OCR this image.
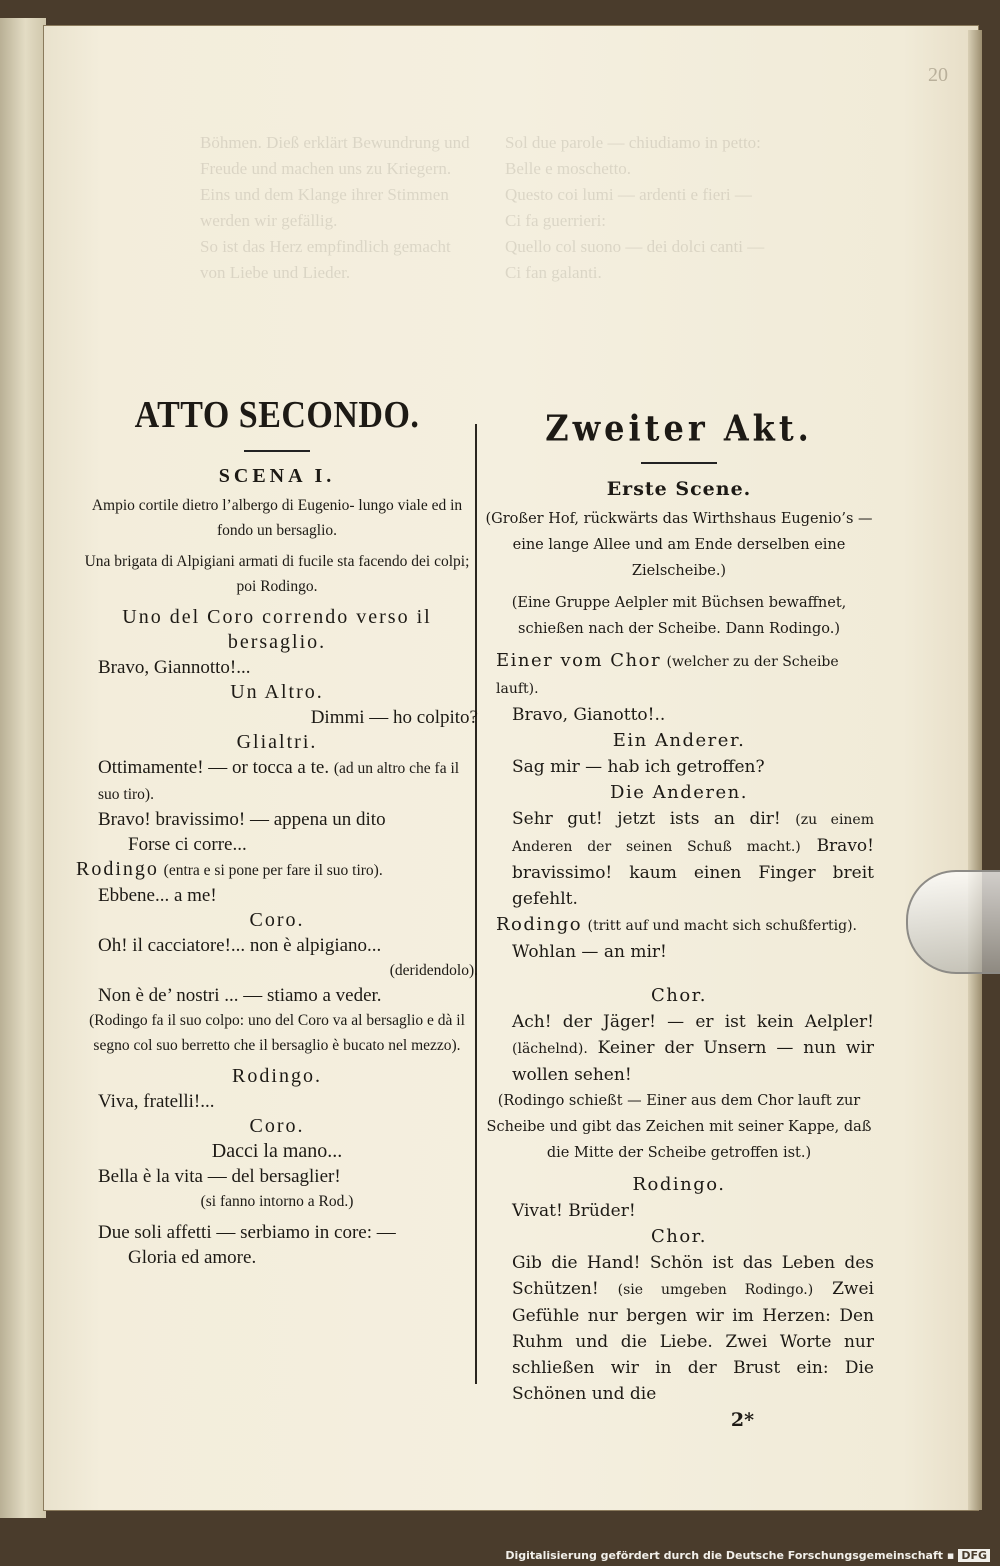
20
Böhmen. Dieß erklärt Bewundrung und Freude und machen uns zu Kriegern.
Eins und dem Klange ihrer Stimmen werden wir gefällig.
So ist das Herz empfindlich gemacht von Liebe und Lieder.
Sol due parole — chiudiamo in petto:
Belle e moschetto.
Questo coi lumi — ardenti e fieri —
Ci fa guerrieri:
Quello col suono — dei dolci canti —
Ci fan galanti.
ATTO SECONDO.
SCENA I.
Ampio cortile dietro l’albergo di Eugenio- lungo viale ed in fondo un bersaglio.
Una brigata di Alpigiani armati di fucile sta facendo dei colpi; poi Rodingo.
Uno del Coro correndo verso il bersaglio.
Bravo, Giannotto!...
Un Altro.
Dimmi — ho colpito?
Glialtri.
Ottimamente! — or tocca a te. (ad un altro che fa il suo tiro).
Bravo! bravissimo! — appena un dito
Forse ci corre...
Rodingo (entra e si pone per fare il suo tiro).
Ebbene... a me!
Coro.
Oh! il cacciatore!... non è alpigiano...
(deridendolo).
Non è de’ nostri ... — stiamo a veder.
(Rodingo fa il suo colpo: uno del Coro va al bersaglio e dà il segno col suo berretto che il bersaglio è bucato nel mezzo).
Rodingo.
Viva, fratelli!...
Coro.
Dacci la mano...
Bella è la vita — del bersaglier!
(si fanno intorno a Rod.)
Due soli affetti — serbiamo in core: —
Gloria ed amore.
Zweiter Akt.
Erste Scene.
(Großer Hof, rückwärts das Wirthshaus Eugenio’s — eine lange Allee und am Ende derselben eine Zielscheibe.)
(Eine Gruppe Aelpler mit Büchsen bewaffnet, schießen nach der Scheibe. Dann Rodingo.)
Einer vom Chor (welcher zu der Scheibe lauft).
Bravo, Gianotto!..
Ein Anderer.
Sag mir — hab ich getroffen?
Die Anderen.
Sehr gut! jetzt ists an dir! (zu einem Anderen der seinen Schuß macht.) Bravo! bravissimo! kaum einen Finger breit gefehlt.
Rodingo (tritt auf und macht sich schußfertig).
Wohlan — an mir!
Chor.
Ach! der Jäger! — er ist kein Aelpler! (lächelnd). Keiner der Unsern — nun wir wollen sehen!
(Rodingo schießt — Einer aus dem Chor lauft zur Scheibe und gibt das Zeichen mit seiner Kappe, daß die Mitte der Scheibe getroffen ist.)
Rodingo.
Vivat! Brüder!
Chor.
Gib die Hand! Schön ist das Leben des Schützen! (sie umgeben Rodingo.) Zwei Gefühle nur bergen wir im Herzen: Den Ruhm und die Liebe. Zwei Worte nur schließen wir in der Brust ein: Die Schönen und die
2*
Digitalisierung gefördert durch die Deutsche Forschungsgemeinschaft ▪ DFG
